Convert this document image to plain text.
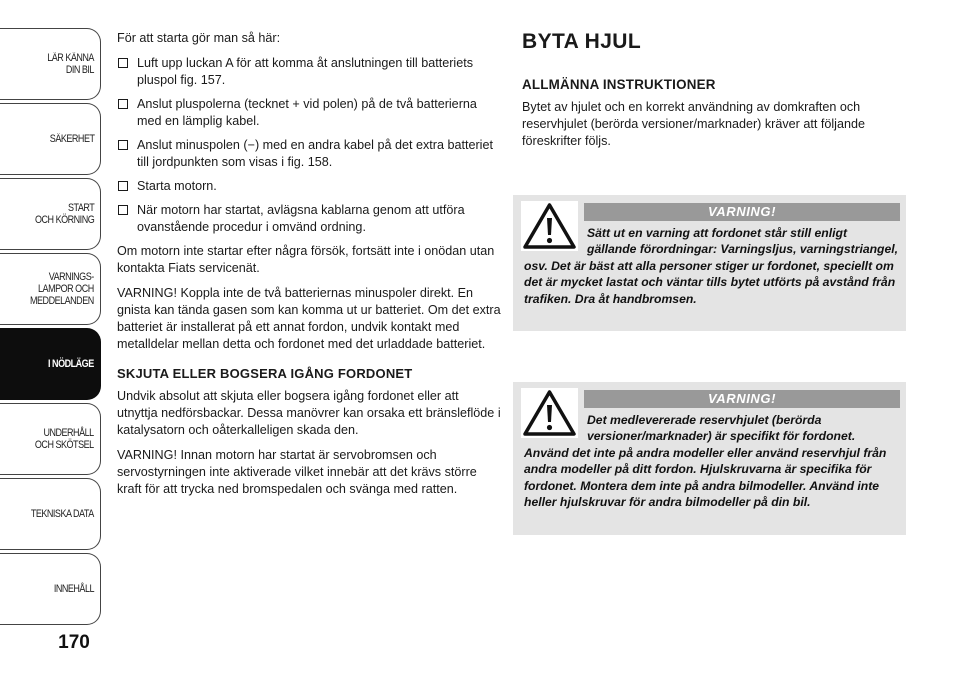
LÄR KÄNNA
DIN BIL
SÄKERHET
START
OCH KÖRNING
VARNINGS-
LAMPOR OCH
MEDDELANDEN
I NÖDLÄGE
UNDERHÅLL
OCH SKÖTSEL
TEKNISKA DATA
INNEHÅLL
170

För att starta gör man så här:

Luft upp luckan A för att komma åt anslutningen till batteriets pluspol fig. 157.
Anslut pluspolerna (tecknet + vid polen) på de två batterierna med en lämplig kabel.
Anslut minuspolen (−) med en andra kabel på det extra batteriet till jordpunkten som visas i fig. 158.
Starta motorn.
När motorn har startat, avlägsna kablarna genom att utföra ovanstående procedur i omvänd ordning.

Om motorn inte startar efter några försök, fortsätt inte i onödan utan kontakta Fiats servicenät.

VARNING! Koppla inte de två batteriernas minuspoler direkt. En gnista kan tända gasen som kan komma ut ur batteriet. Om det extra batteriet är installerat på ett annat fordon, undvik kontakt med metalldelar mellan detta och fordonet med det urladdade batteriet.

SKJUTA ELLER BOGSERA IGÅNG FORDONET

Undvik absolut att skjuta eller bogsera igång fordonet eller att utnyttja nedförsbackar. Dessa manövrer kan orsaka ett bränsleflöde i katalysatorn och oåterkalleligen skada den.

VARNING! Innan motorn har startat är servobromsen och servostyrningen inte aktiverade vilket innebär att det krävs större kraft för att trycka ned bromspedalen och svänga med ratten.

BYTA HJUL
ALLMÄNNA INSTRUKTIONER

Bytet av hjulet och en korrekt användning av domkraften och reservhjulet (berörda versioner/marknader) kräver att följande föreskrifter följs.

VARNING!
Sätt ut en varning att fordonet står still enligt gällande förordningar: Varningsljus, varningstriangel, osv. Det är bäst att alla personer stiger ur fordonet, speciellt om det är mycket lastat och väntar tills bytet utförts på avstånd från trafiken. Dra åt handbromsen.
VARNING!
Det medlevererade reservhjulet (berörda versioner/marknader) är specifikt för fordonet. Använd det inte på andra modeller eller använd reservhjul från andra modeller på ditt fordon. Hjulskruvarna är specifika för fordonet. Montera dem inte på andra bilmodeller. Använd inte heller hjulskruvar för andra bilmodeller på din bil.
